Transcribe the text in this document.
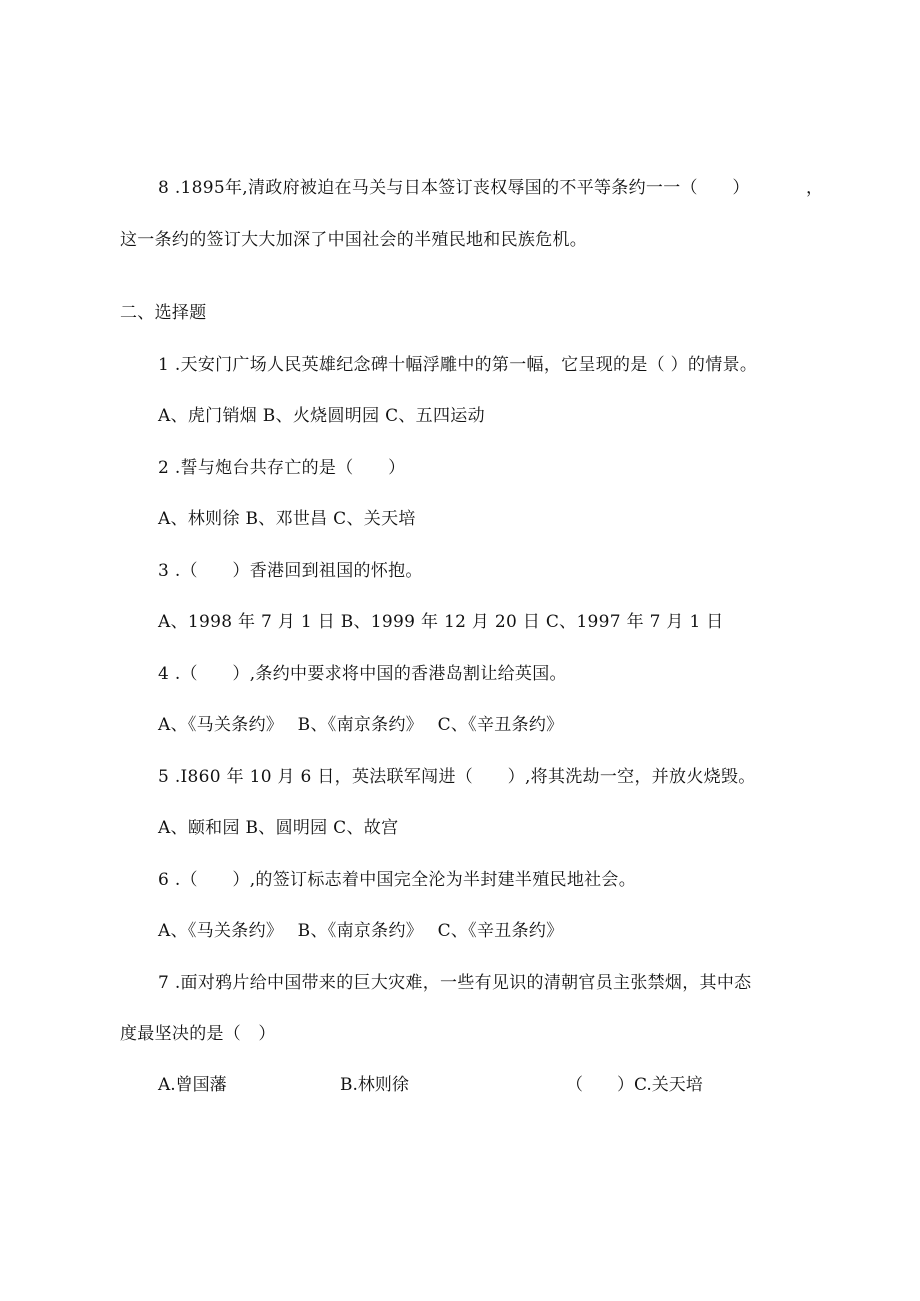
8 .1895年,清政府被迫在马关与日本签订丧权辱国的不平等条约一一（　　）	，
这一条约的签订大大加深了中国社会的半殖民地和民族危机。
二、选择题
1 .天安门广场人民英雄纪念碑十幅浮雕中的第一幅，它呈现的是（ ）的情景。
A、虎门销烟 B、火烧圆明园 C、五四运动
2 .誓与炮台共存亡的是（　　）
A、林则徐 B、邓世昌 C、关天培
3 .（　　）香港回到祖国的怀抱。
A、1998 年 7 月 1 日 B、1999 年 12 月 20 日 C、1997 年 7 月 1 日
4 .（　　）,条约中要求将中国的香港岛割让给英国。
A、《马关条约》　 B、《南京条约》　 C、《辛丑条约》
5 .I860 年 10 月 6 日，英法联军闯进（　　）,将其洗劫一空，并放火烧毁。
A、颐和园 B、圆明园 C、故宫
6 .（　　）,的签订标志着中国完全沦为半封建半殖民地社会。
A、《马关条约》　 B、《南京条约》　 C、《辛丑条约》
7 .面对鸦片给中国带来的巨大灾难，一些有见识的清朝官员主张禁烟，其中态
度最坚决的是（　）
A.曾国藩	B.林则徐	（　　）C.关天培
